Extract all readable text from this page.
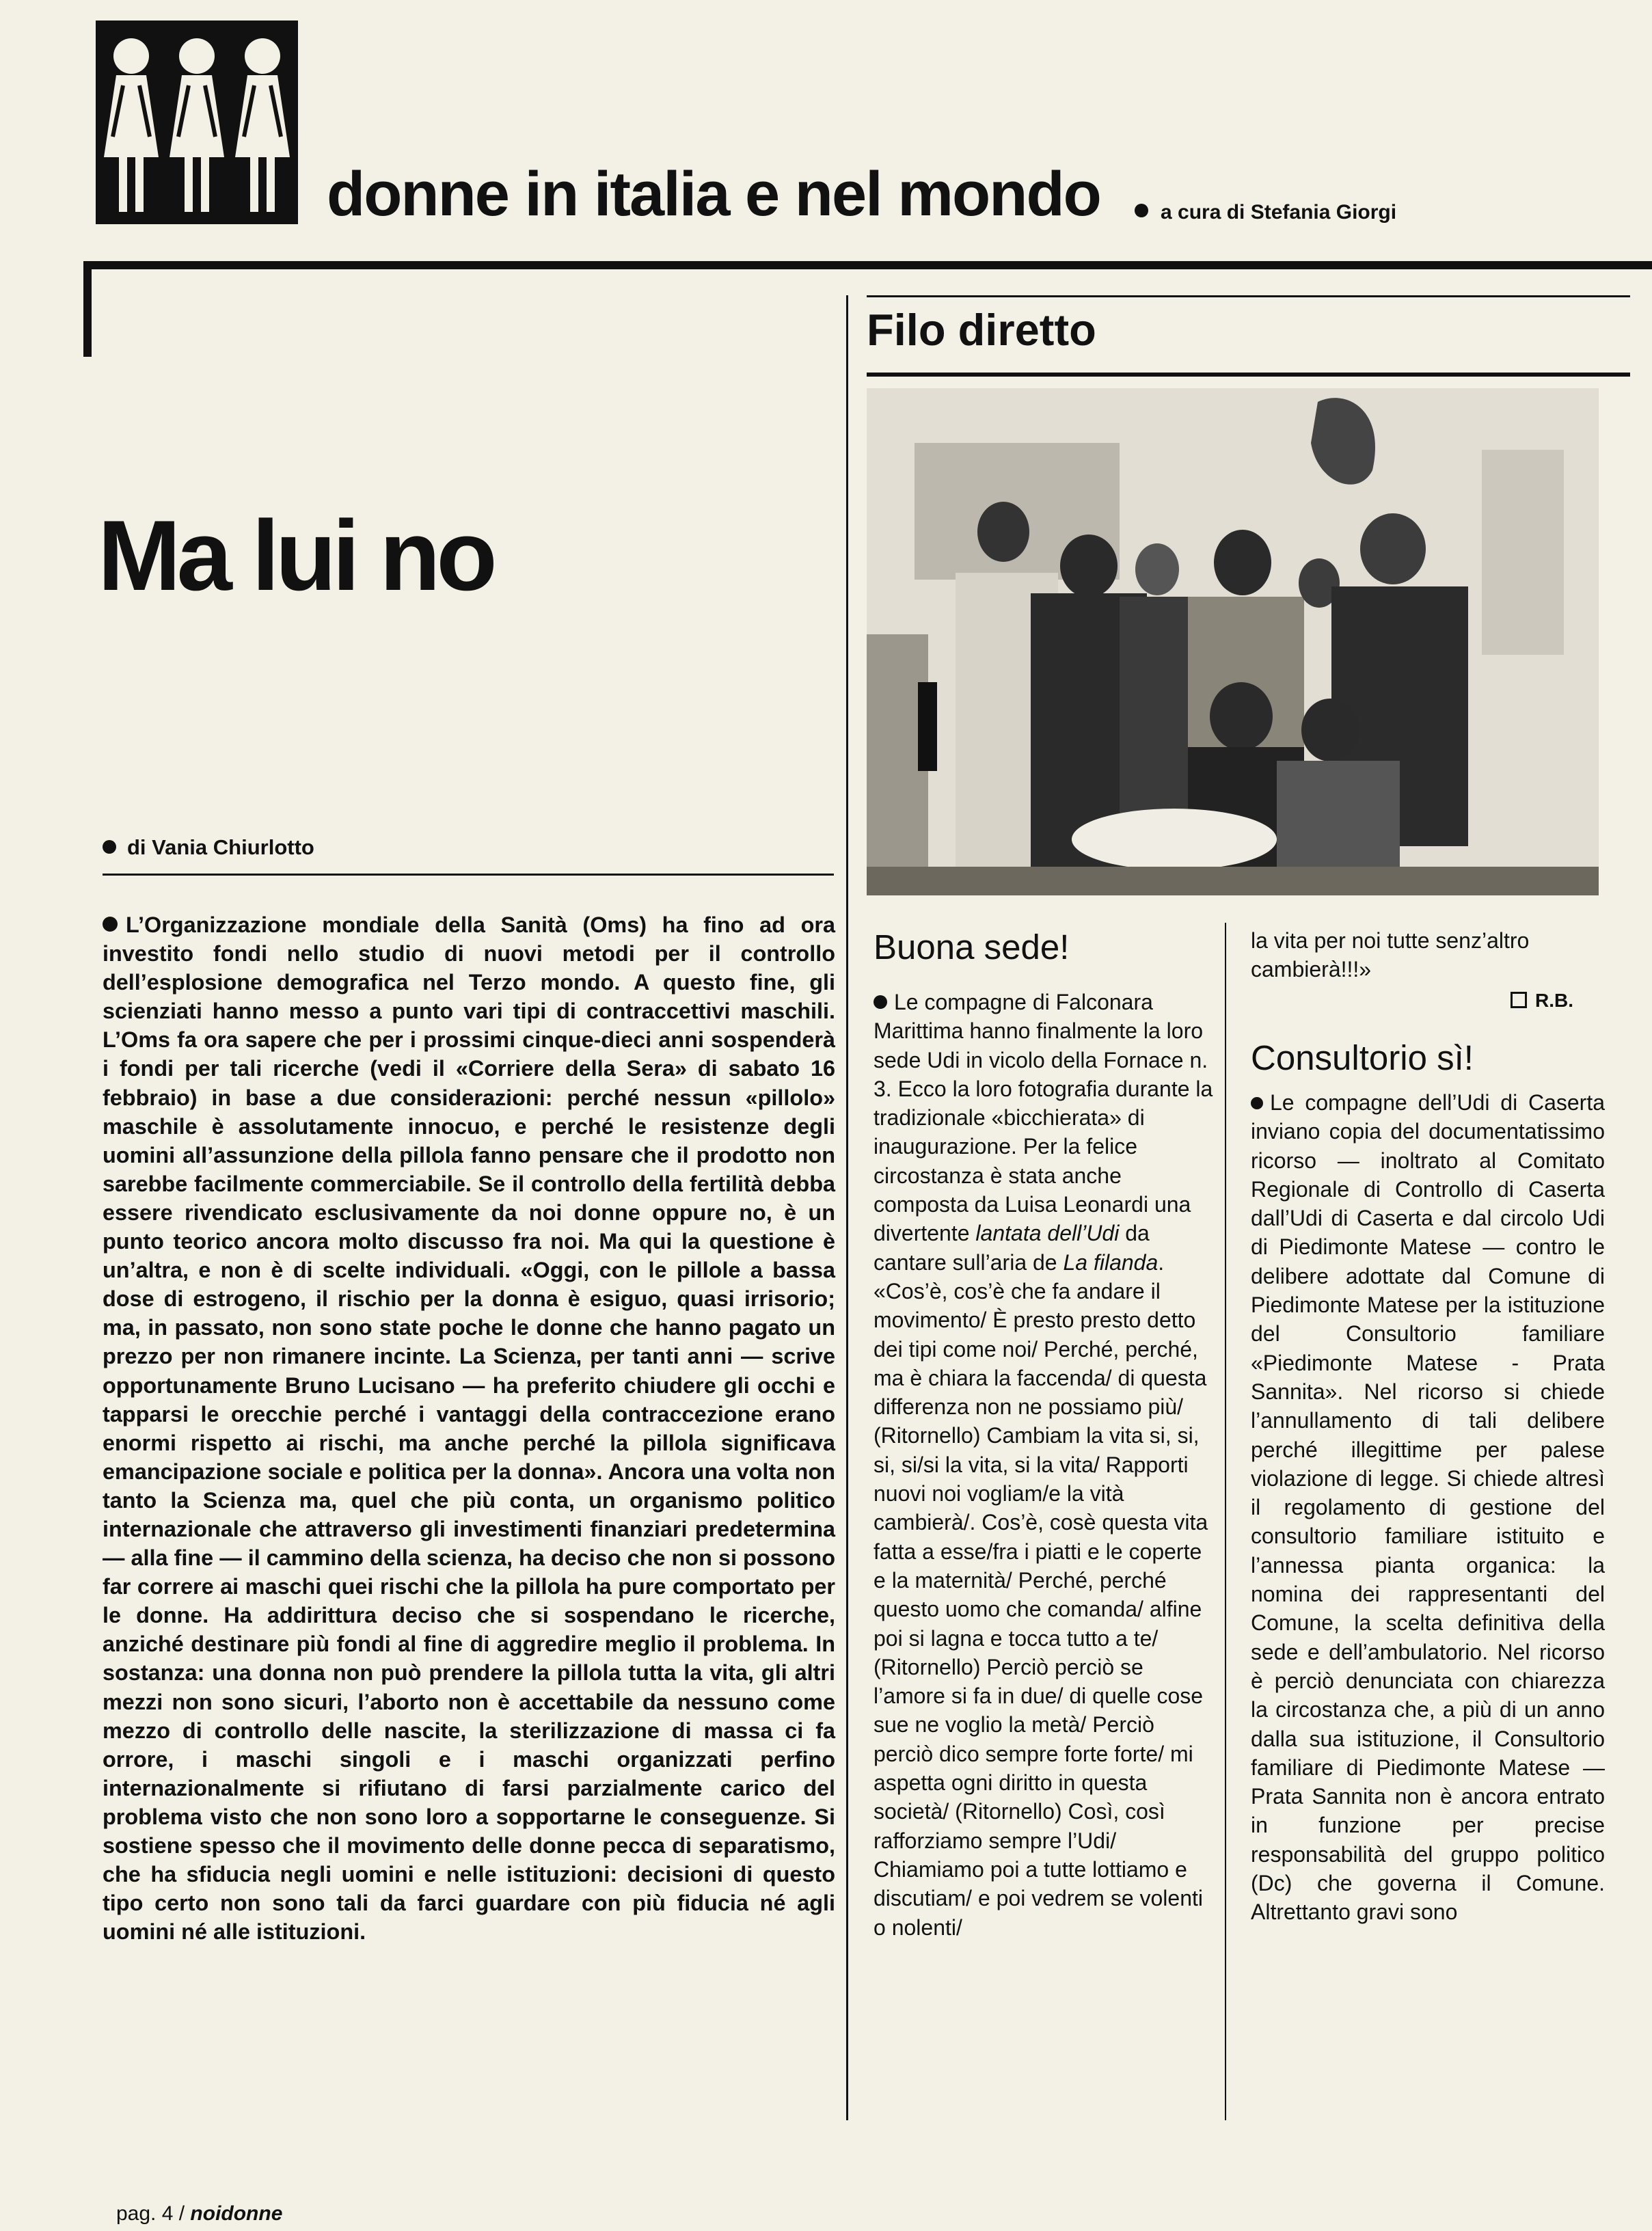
donne in italia e nel mondo	a cura di Stefania Giorgi
Ma lui no
di Vania Chiurlotto
L’Organizzazione mondiale della Sanità (Oms) ha fino ad ora investito fondi nello studio di nuovi metodi per il controllo dell’esplosione demografica nel Terzo mondo. A questo fine, gli scienziati hanno messo a punto vari tipi di contraccettivi maschili. L’Oms fa ora sapere che per i prossimi cinque-dieci anni sospenderà i fondi per tali ricerche (vedi il «Corriere della Sera» di sabato 16 febbraio) in base a due considerazioni: perché nessun «pillolo» maschile è assolutamente innocuo, e perché le resistenze degli uomini all’assunzione della pillola fanno pensare che il prodotto non sarebbe facilmente commerciabile. Se il controllo della fertilità debba essere rivendicato esclusivamente da noi donne oppure no, è un punto teorico ancora molto discusso fra noi. Ma qui la questione è un’altra, e non è di scelte individuali. «Oggi, con le pillole a bassa dose di estrogeno, il rischio per la donna è esiguo, quasi irrisorio; ma, in passato, non sono state poche le donne che hanno pagato un prezzo per non rimanere incinte. La Scienza, per tanti anni — scrive opportunamente Bruno Lucisano — ha preferito chiudere gli occhi e tapparsi le orecchie perché i vantaggi della contraccezione erano enormi rispetto ai rischi, ma anche perché la pillola significava emancipazione sociale e politica per la donna». Ancora una volta non tanto la Scienza ma, quel che più conta, un organismo politico internazionale che attraverso gli investimenti finanziari predetermina — alla fine — il cammino della scienza, ha deciso che non si possono far correre ai maschi quei rischi che la pillola ha pure comportato per le donne. Ha addirittura deciso che si sospendano le ricerche, anziché destinare più fondi al fine di aggredire meglio il problema. In sostanza: una donna non può prendere la pillola tutta la vita, gli altri mezzi non sono sicuri, l’aborto non è accettabile da nessuno come mezzo di controllo delle nascite, la sterilizzazione di massa ci fa orrore, i maschi singoli e i maschi organizzati perfino internazionalmente si rifiutano di farsi parzialmente carico del problema visto che non sono loro a sopportarne le conseguenze. Si sostiene spesso che il movimento delle donne pecca di separatismo, che ha sfiducia negli uomini e nelle istituzioni: decisioni di questo tipo certo non sono tali da farci guardare con più fiducia né agli uomini né alle istituzioni.
Filo diretto
Buona sede!
Le compagne di Falconara Marittima hanno finalmente la loro sede Udi in vicolo della Fornace n. 3. Ecco la loro fotografia durante la tradizionale «bicchierata» di inaugurazione. Per la felice circostanza è stata anche composta da Luisa Leonardi una divertente lantata dell’Udi da cantare sull’aria de La filanda. «Cos’è, cos’è che fa andare il movimento/ È presto presto detto dei tipi come noi/ Perché, perché, ma è chiara la faccenda/ di questa differenza non ne possiamo più/ (Ritornello) Cambiam la vita si, si, si, si/si la vita, si la vita/ Rapporti nuovi noi vogliam/e la vità cambierà/. Cos’è, cosè questa vita fatta a esse/fra i piatti e le coperte e la maternità/ Perché, perché questo uomo che comanda/ alfine poi si lagna e tocca tutto a te/ (Ritornello) Perciò perciò se l’amore si fa in due/ di quelle cose sue ne voglio la metà/ Perciò perciò dico sempre forte forte/ mi aspetta ogni diritto in questa società/ (Ritornello) Così, così rafforziamo sempre l’Udi/ Chiamiamo poi a tutte lottiamo e discutiam/ e poi vedrem se volenti o nolenti/
la vita per noi tutte senz’altro cambierà!!!»
R.B.
Consultorio sì!
Le compagne dell’Udi di Caserta inviano copia del documentatissimo ricorso — inoltrato al Comitato Regionale di Controllo di Caserta dall’Udi di Caserta e dal circolo Udi di Piedimonte Matese — contro le delibere adottate dal Comune di Piedimonte Matese per la istituzione del Consultorio familiare «Piedimonte Matese - Prata Sannita». Nel ricorso si chiede l’annullamento di tali delibere perché illegittime per palese violazione di legge. Si chiede altresì il regolamento di gestione del consultorio familiare istituito e l’annessa pianta organica: la nomina dei rappresentanti del Comune, la scelta definitiva della sede e dell’ambulatorio. Nel ricorso è perciò denunciata con chiarezza la circostanza che, a più di un anno dalla sua istituzione, il Consultorio familiare di Piedimonte Matese — Prata Sannita non è ancora entrato in funzione per precise responsabilità del gruppo politico (Dc) che governa il Comune. Altrettanto gravi sono
pag. 4 / noidonne
